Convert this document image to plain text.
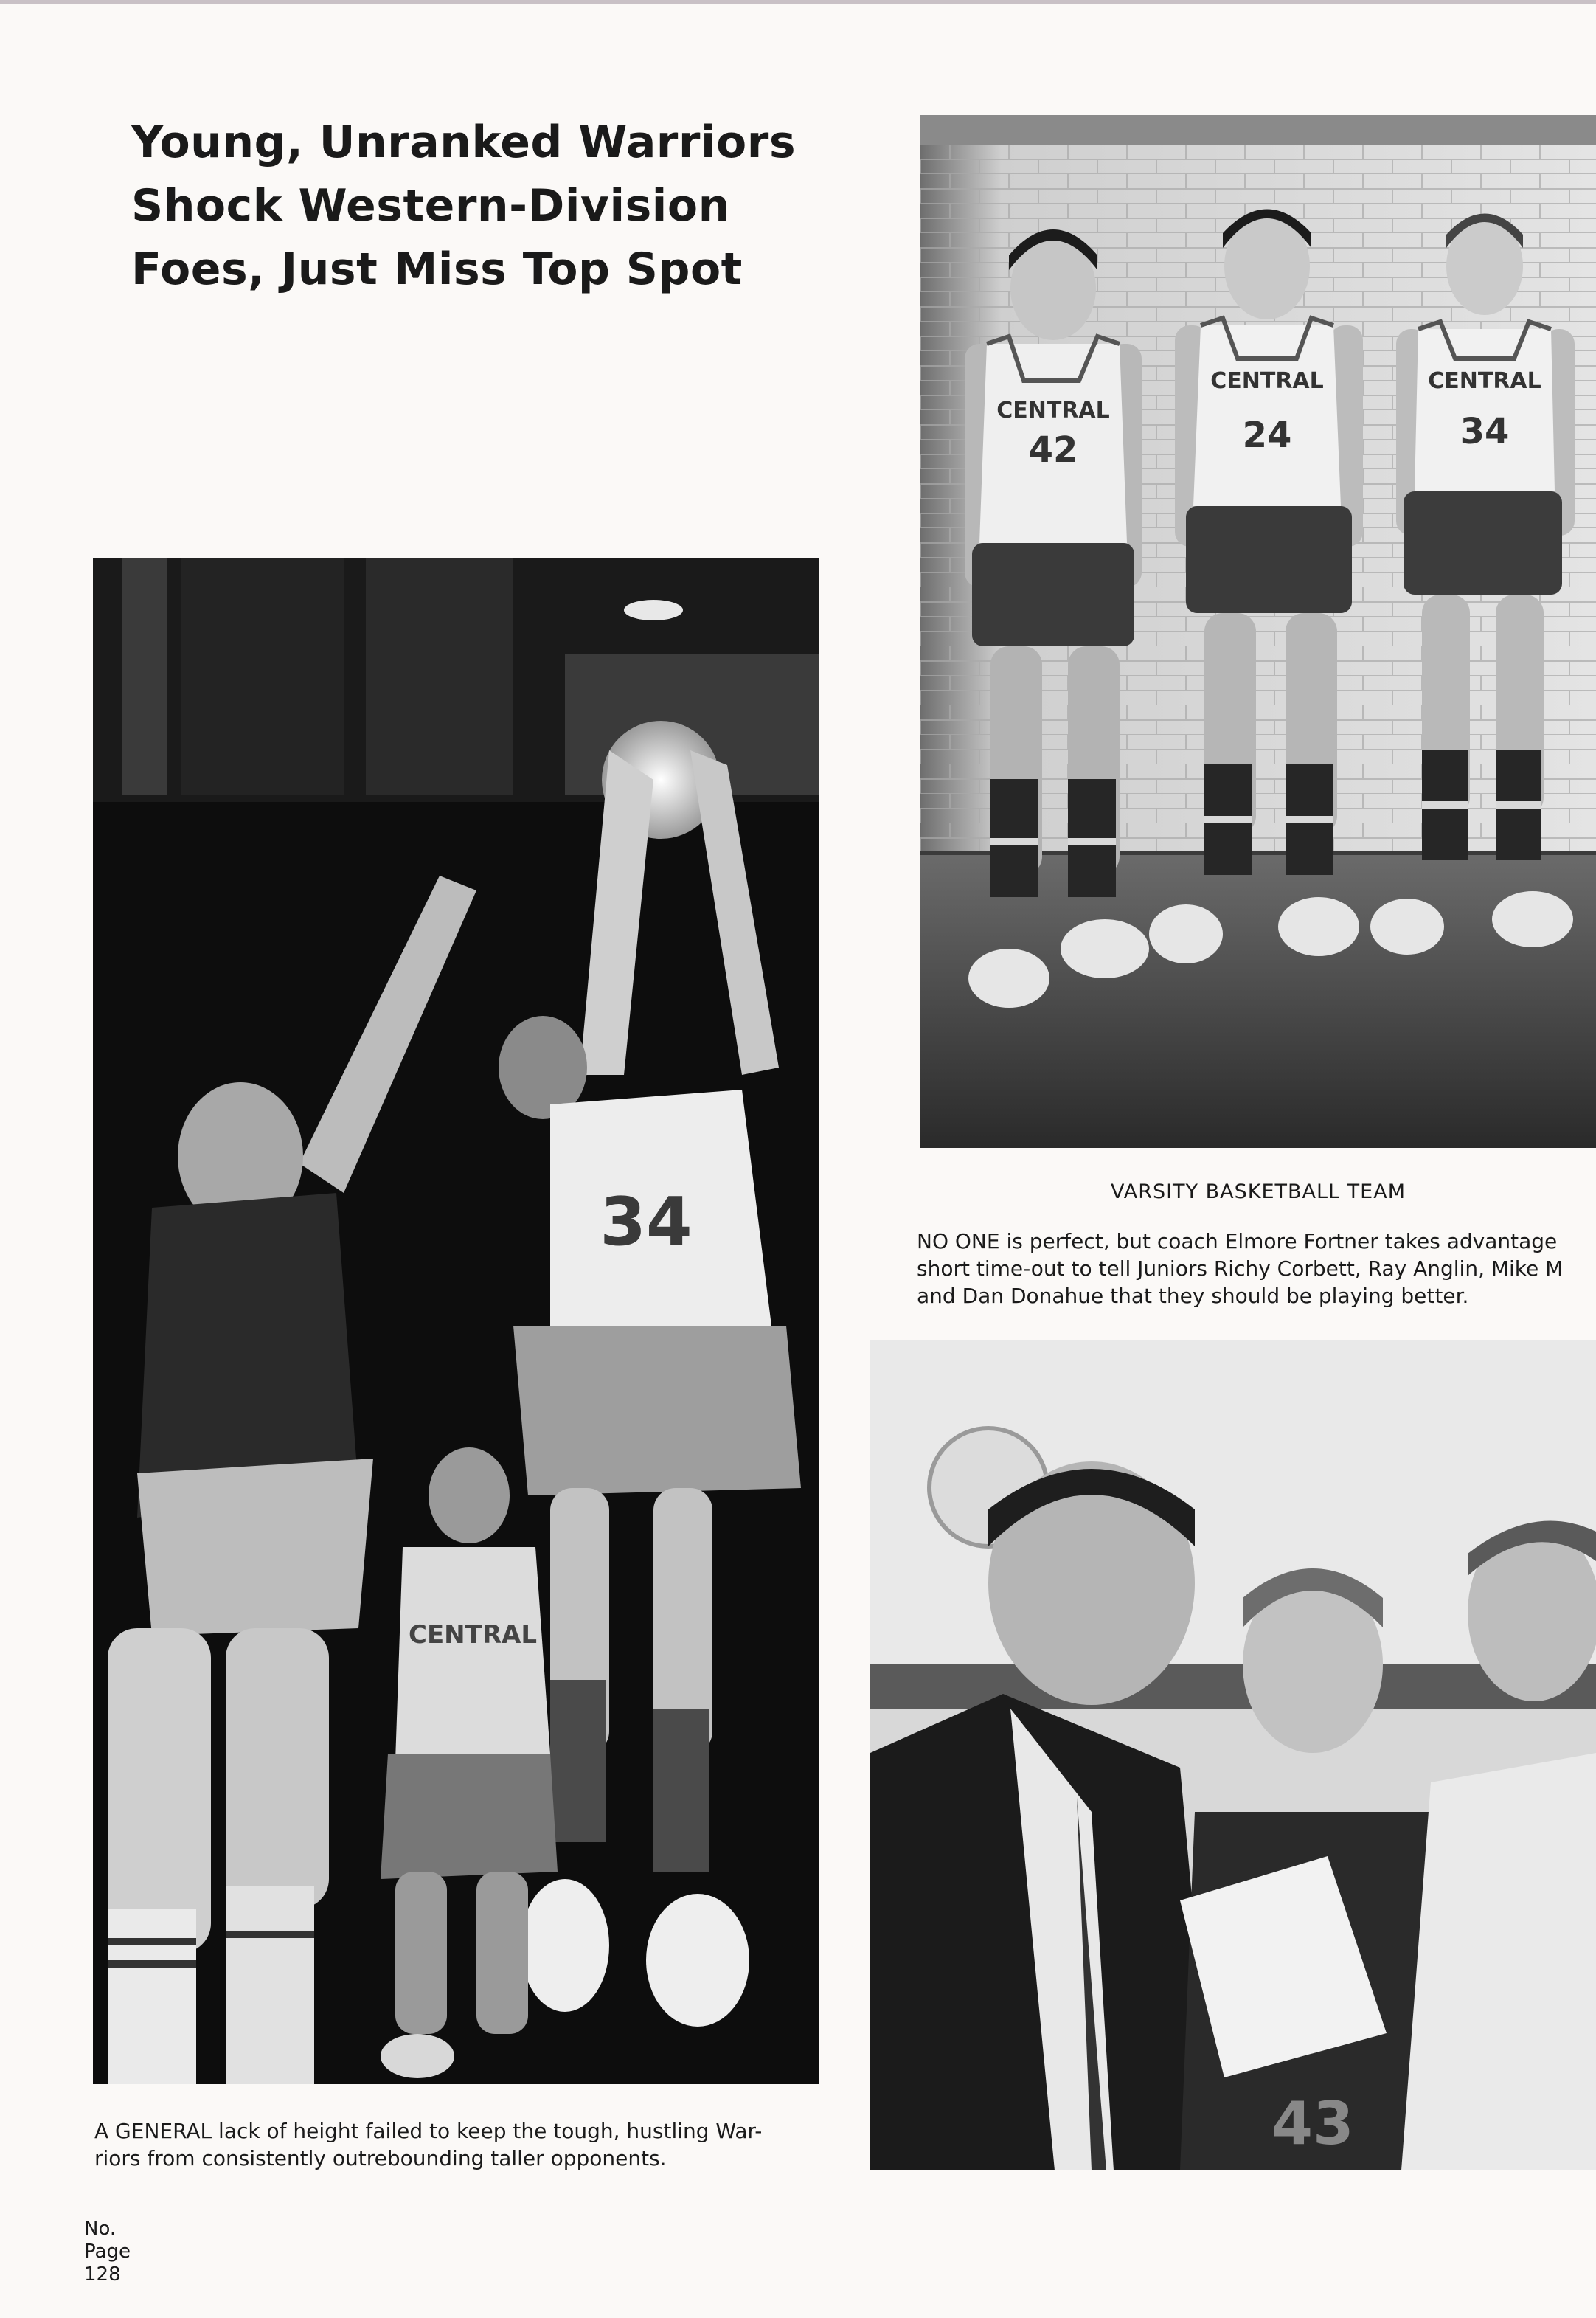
Young, Unranked Warriors
Shock Western-Division
Foes, Just Miss Top Spot
42
CENTRAL
CENTRAL
24
CENTRAL
34
VARSITY BASKETBALL TEAM
NO ONE is perfect, but coach Elmore Fortner takes advantage
short time-out to tell Juniors Richy Corbett, Ray Anglin, Mike M
and Dan Donahue that they should be playing better.
34
CENTRAL
A GENERAL lack of height failed to keep the tough, hustling War-
riors from consistently outrebounding taller opponents.
43
No.
Page
128
